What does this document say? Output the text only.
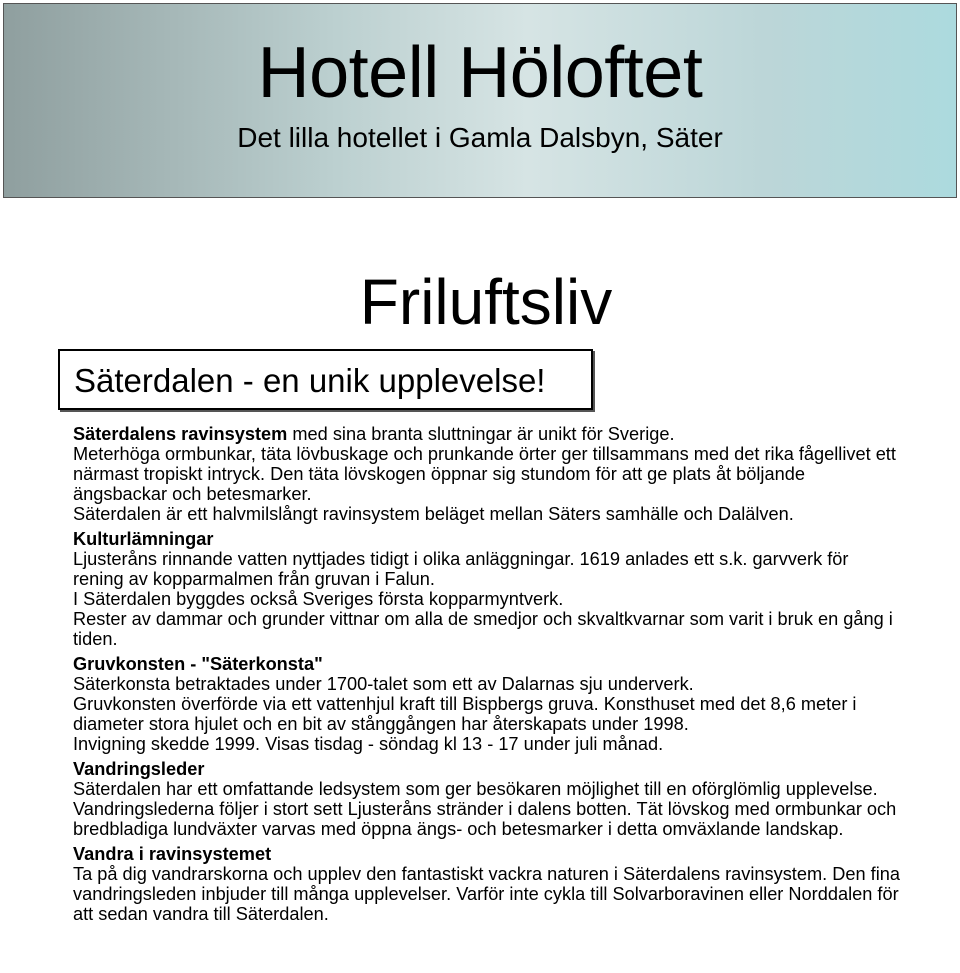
Hotell Höloftet
Det lilla hotellet i Gamla Dalsbyn, Säter
Friluftsliv
Säterdalen - en unik upplevelse!

Säterdalens ravinsystem med sina branta sluttningar är unikt för Sverige.

Meterhöga ormbunkar, täta lövbuskage och prunkande örter ger tillsammans med det rika fågellivet ett närmast tropiskt intryck. Den täta lövskogen öppnar sig stundom för att ge plats åt böljande ängsbackar och betesmarker.

Säterdalen är ett halvmilslångt ravinsystem beläget mellan Säters samhälle och Dalälven.

Kulturlämningar

Ljusteråns rinnande vatten nyttjades tidigt i olika anläggningar. 1619 anlades ett s.k. garvverk för rening av kopparmalmen från gruvan i Falun.

I Säterdalen byggdes också Sveriges första kopparmyntverk.

Rester av dammar och grunder vittnar om alla de smedjor och skvaltkvarnar som varit i bruk en gång i tiden.

Gruvkonsten - "Säterkonsta"

Säterkonsta betraktades under 1700-talet som ett av Dalarnas sju underverk.

Gruvkonsten överförde via ett vattenhjul kraft till Bispbergs gruva. Konsthuset med det 8,6 meter i diameter stora hjulet och en bit av stånggången har återskapats under 1998.

Invigning skedde 1999. Visas tisdag - söndag kl 13 - 17 under juli månad.

Vandringsleder

Säterdalen har ett omfattande ledsystem som ger besökaren möjlighet till en oförglömlig upplevelse. Vandringslederna följer i stort sett Ljusteråns stränder i dalens botten. Tät lövskog med ormbunkar och bredbladiga lundväxter varvas med öppna ängs- och betesmarker i detta omväxlande landskap.

Vandra i ravinsystemet

Ta på dig vandrarskorna och upplev den fantastiskt vackra naturen i Säterdalens ravinsystem. Den fina vandringsleden inbjuder till många upplevelser. Varför inte cykla till Solvarboravinen eller Norddalen för att sedan vandra till Säterdalen.
